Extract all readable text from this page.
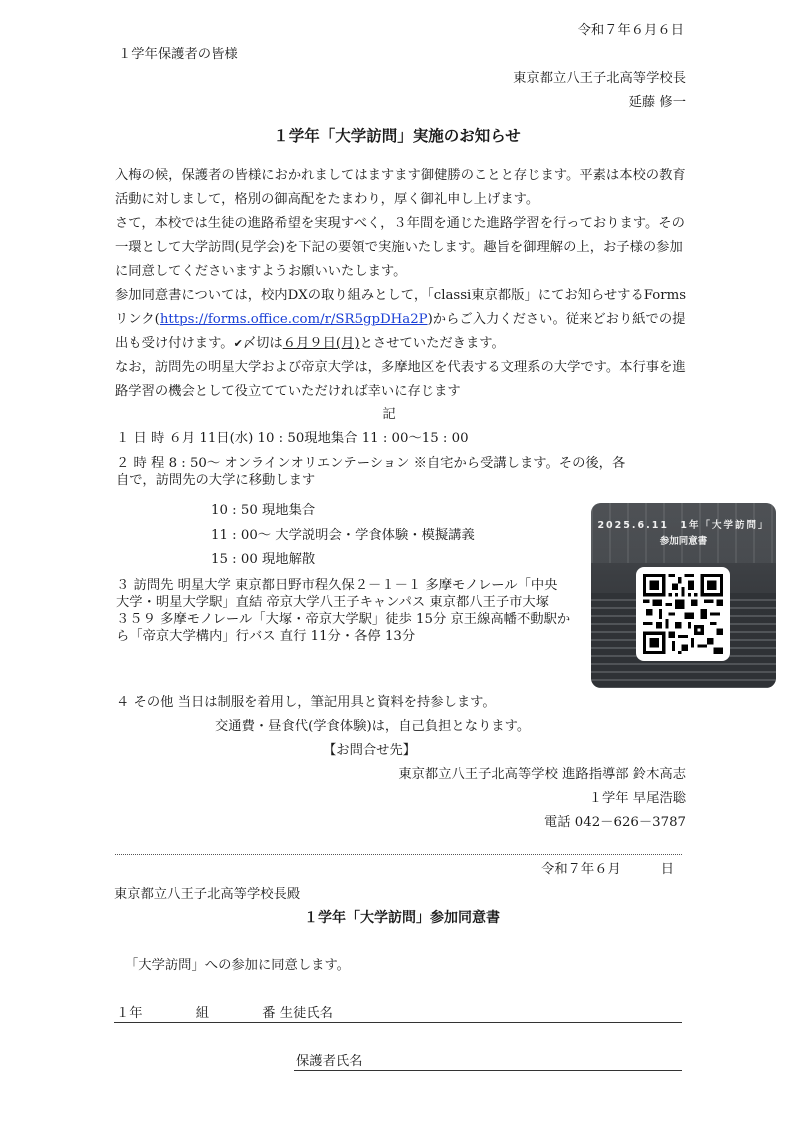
令和７年６月６日
１学年保護者の皆様
東京都立八王子北高等学校長
延藤 修一
１学年「大学訪問」実施のお知らせ

入梅の候，保護者の皆様におかれましてはますます御健勝のことと存じます。平素は本校の教育活動に対しまして，格別の御高配をたまわり，厚く御礼申し上げます。

さて，本校では生徒の進路希望を実現すべく，３年間を通じた進路学習を行っております。その一環として大学訪問(見学会)を下記の要領で実施いたします。趣旨を御理解の上，お子様の参加に同意してくださいますようお願いいたします。

参加同意書については，校内DXの取り組みとして，「classi東京都版」にてお知らせするForms リンク(https://forms.office.com/r/SR5gpDHa2P)からご入力ください。従来どおり紙での提出も受け付けます。✔〆切は６月９日(月)とさせていただきます。

なお，訪問先の明星大学および帝京大学は，多摩地区を代表する文理系の大学です。本行事を進路学習の機会として役立てていただければ幸いに存じます

記
１ 日 時 ６月 11日(水) 10 : 50現地集合 11 : 00～15 : 00
２ 時 程 8 : 50～ オンラインオリエンテーション ※自宅から受講します。その後，各
自で，訪問先の大学に移動します
10 : 50 現地集合
11 : 00～ 大学説明会・学食体験・模擬講義
15 : 00 現地解散
３ 訪問先 明星大学 東京都日野市程久保２－１－１ 多摩モノレール「中央
大学・明星大学駅」直結 帝京大学八王子キャンパス 東京都八王子市大塚
３５９ 多摩モノレール「大塚・帝京大学駅」徒歩 15分 京王線高幡不動駅か
ら「帝京大学構内」行バス 直行 11分・各停 13分
2025.6.11　1年「大学訪問」
参加同意書
４ その他 当日は制服を着用し，筆記用具と資料を持参します。
交通費・昼食代(学食体験)は，自己負担となります。
【お問合せ先】
東京都立八王子北高等学校 進路指導部 鈴木高志
１学年 早尾浩聡
電話 042－626－3787
令和７年６月　　　日
東京都立八王子北高等学校長殿
１学年「大学訪問」参加同意書
「大学訪問」への参加に同意します。
１年　　　　組　　　　番 生徒氏名
保護者氏名
